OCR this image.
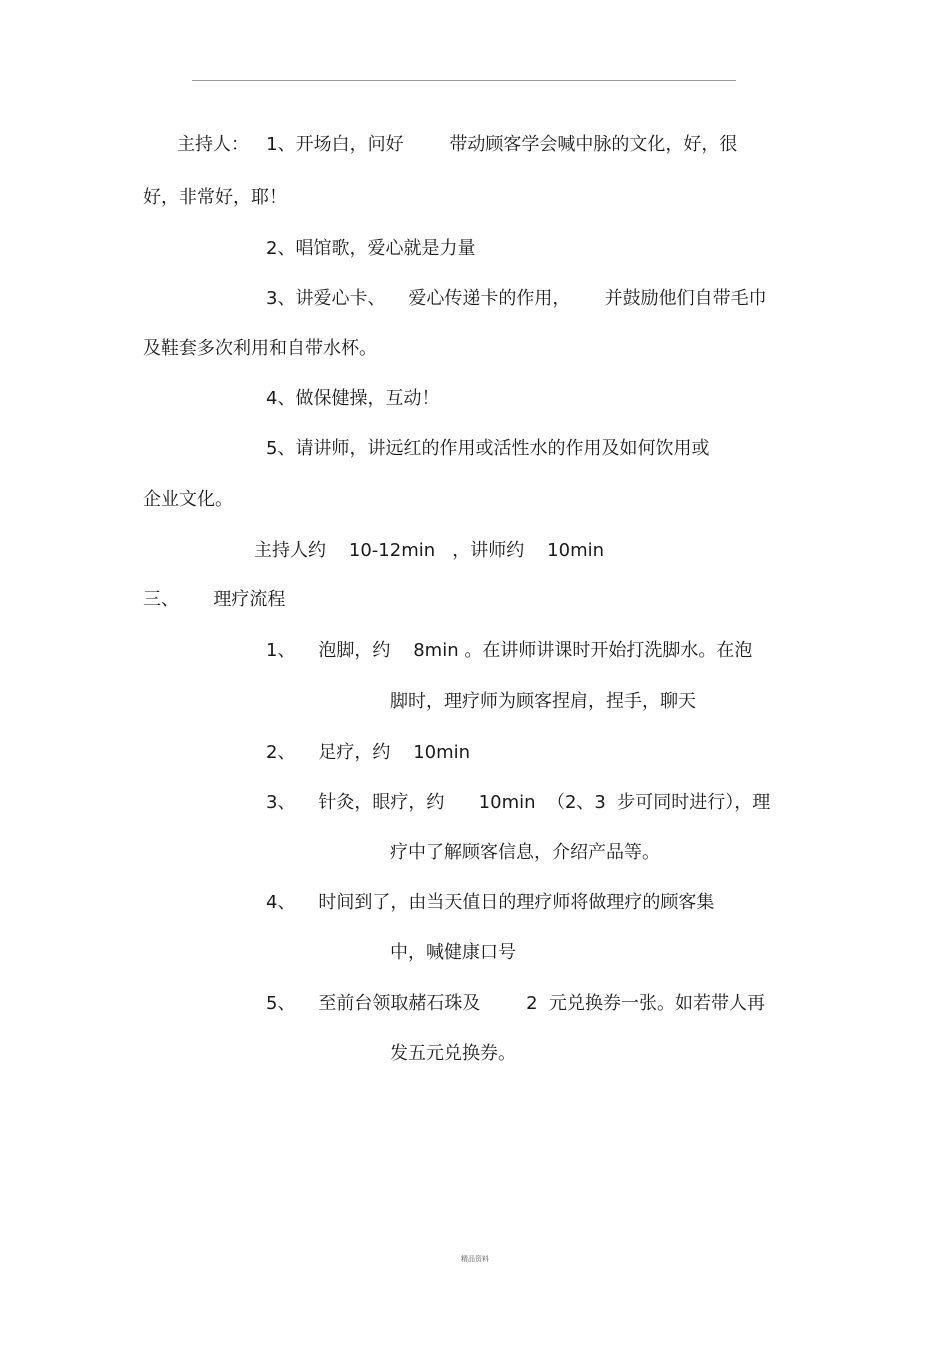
主持人：   1、开场白，问好        带动顾客学会喊中脉的文化，好，很
好，非常好，耶！
2、唱馆歌，爱心就是力量
3、讲爱心卡、    爱心传递卡的作用，      并鼓励他们自带毛巾
及鞋套多次利用和自带水杯。
4、做保健操，互动！
5、请讲师，讲远红的作用或活性水的作用及如何饮用或
企业文化。
主持人约    10-12min   ，讲师约    10min
三、      理疗流程
1、    泡脚，约    8min 。在讲师讲课时开始打洗脚水。在泡
脚时，理疗师为顾客捏肩，捏手，聊天
2、    足疗，约    10min
3、    针灸，眼疗，约      10min  （2、3  步可同时进行），理
疗中了解顾客信息，介绍产品等。
4、    时间到了，由当天值日的理疗师将做理疗的顾客集
中，喊健康口号
5、    至前台领取赭石珠及        2  元兑换券一张。如若带人再
发五元兑换券。
精品资料
